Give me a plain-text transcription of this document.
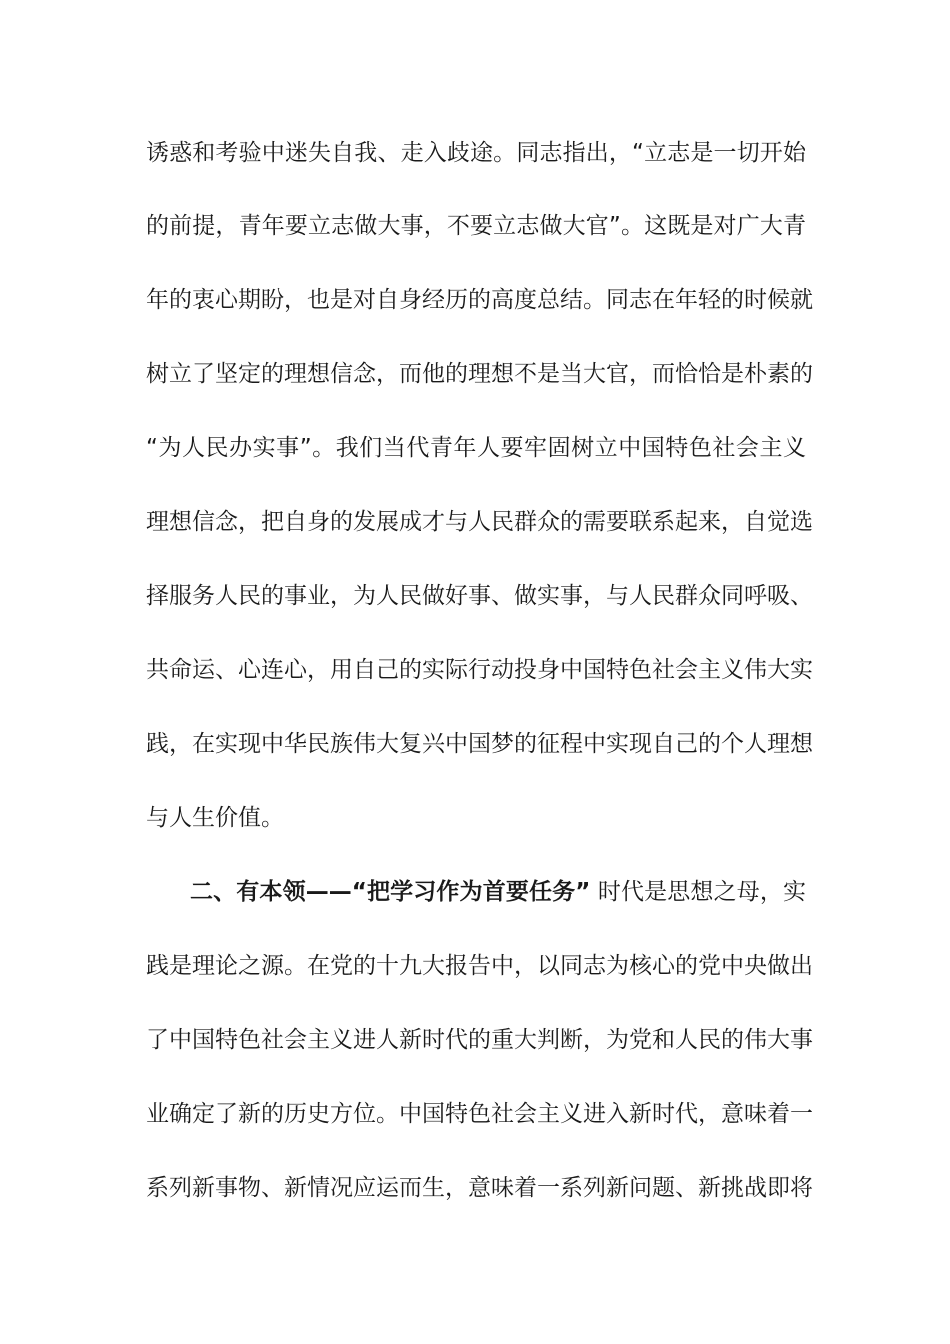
诱惑和考验中迷失自我、走入歧途。同志指出，“立志是一切开始
的前提，青年要立志做大事，不要立志做大官”。这既是对广大青
年的衷心期盼，也是对自身经历的高度总结。同志在年轻的时候就
树立了坚定的理想信念，而他的理想不是当大官，而恰恰是朴素的
“为人民办实事”。我们当代青年人要牢固树立中国特色社会主义
理想信念，把自身的发展成才与人民群众的需要联系起来，自觉选
择服务人民的事业，为人民做好事、做实事，与人民群众同呼吸、
共命运、心连心，用自己的实际行动投身中国特色社会主义伟大实
践，在实现中华民族伟大复兴中国梦的征程中实现自己的个人理想
与人生价值。
二、有本领——“把学习作为首要任务” 时代是思想之母，实
践是理论之源。在党的十九大报告中，以同志为核心的党中央做出
了中国特色社会主义进人新时代的重大判断，为党和人民的伟大事
业确定了新的历史方位。中国特色社会主义进入新时代，意味着一
系列新事物、新情况应运而生，意味着一系列新问题、新挑战即将
